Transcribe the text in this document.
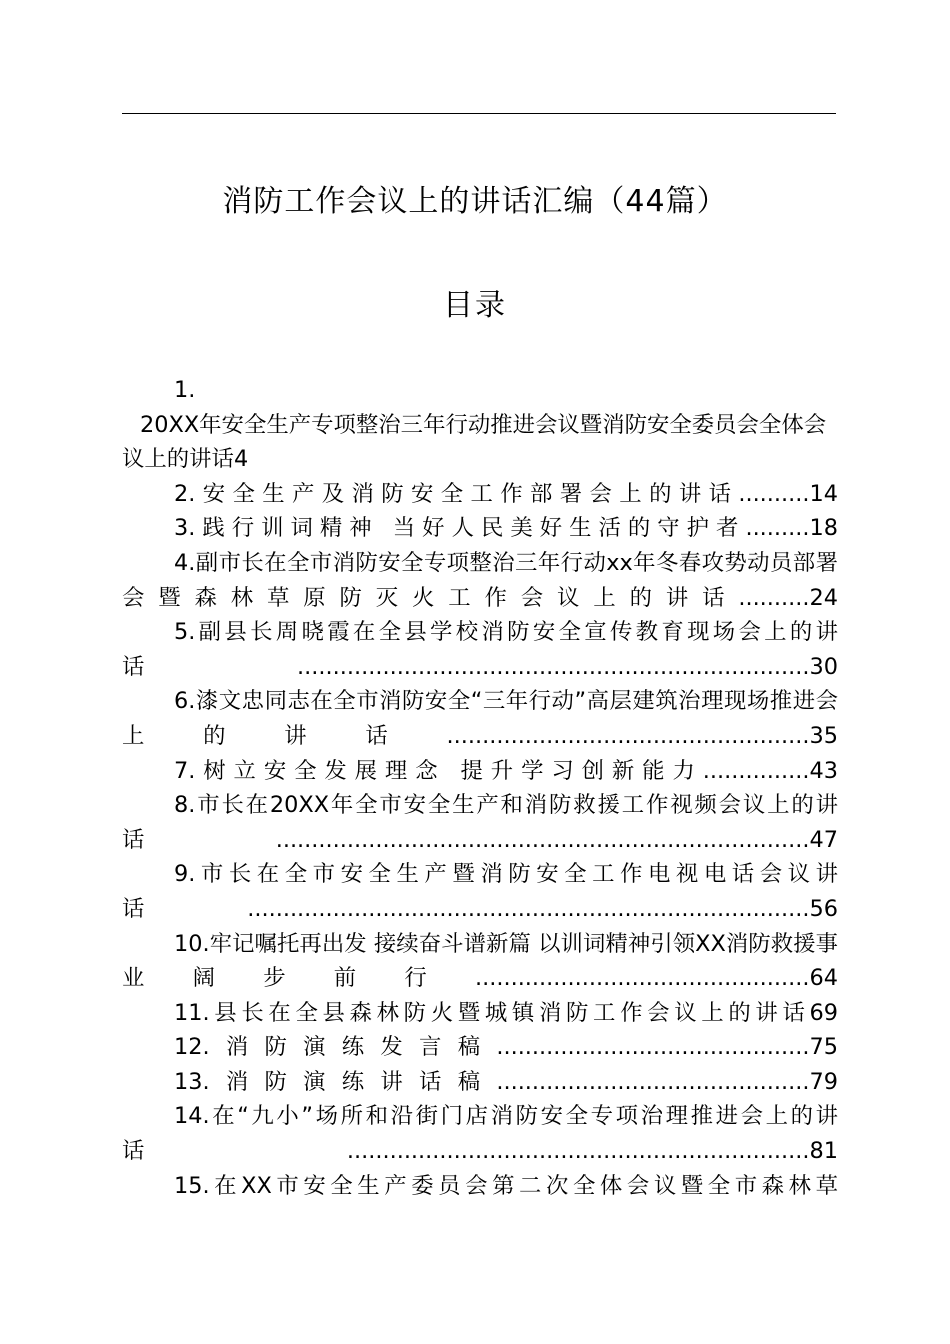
消防工作会议上的讲话汇编（44篇）
目录

1.

20XX年安全生产专项整治三年行动推进会议暨消防安全委员会全体会议上的讲话4

2.安全生产及消防安全工作部署会上的讲话..........14

3.践行训词精神 当好人民美好生活的守护者.........18

4.副市长在全市消防安全专项整治三年行动xx年冬春攻势动员部署会暨森林草原防灭火工作会议上的讲话..........24

5.副县长周晓霞在全县学校消防安全宣传教育现场会上的讲话........................................................................30

6.漆文忠同志在全市消防安全“三年行动”高层建筑治理现场推进会上的讲话...................................................35

7.树立安全发展理念 提升学习创新能力...............43

8.市长在20XX年全市安全生产和消防救援工作视频会议上的讲话...........................................................................47

9.市长在全市安全生产暨消防安全工作电视电话会议讲话...............................................................................56

10.牢记嘱托再出发 接续奋斗谱新篇 以训词精神引领XX消防救援事业阔步前行...............................................64

11.县长在全县森林防火暨城镇消防工作会议上的讲话69

12.消防演练发言稿............................................75

13.消防演练讲话稿............................................79

14.在“九小”场所和沿街门店消防安全专项治理推进会上的讲话.................................................................81

15.在XX市安全生产委员会第二次全体会议暨全市森林草
